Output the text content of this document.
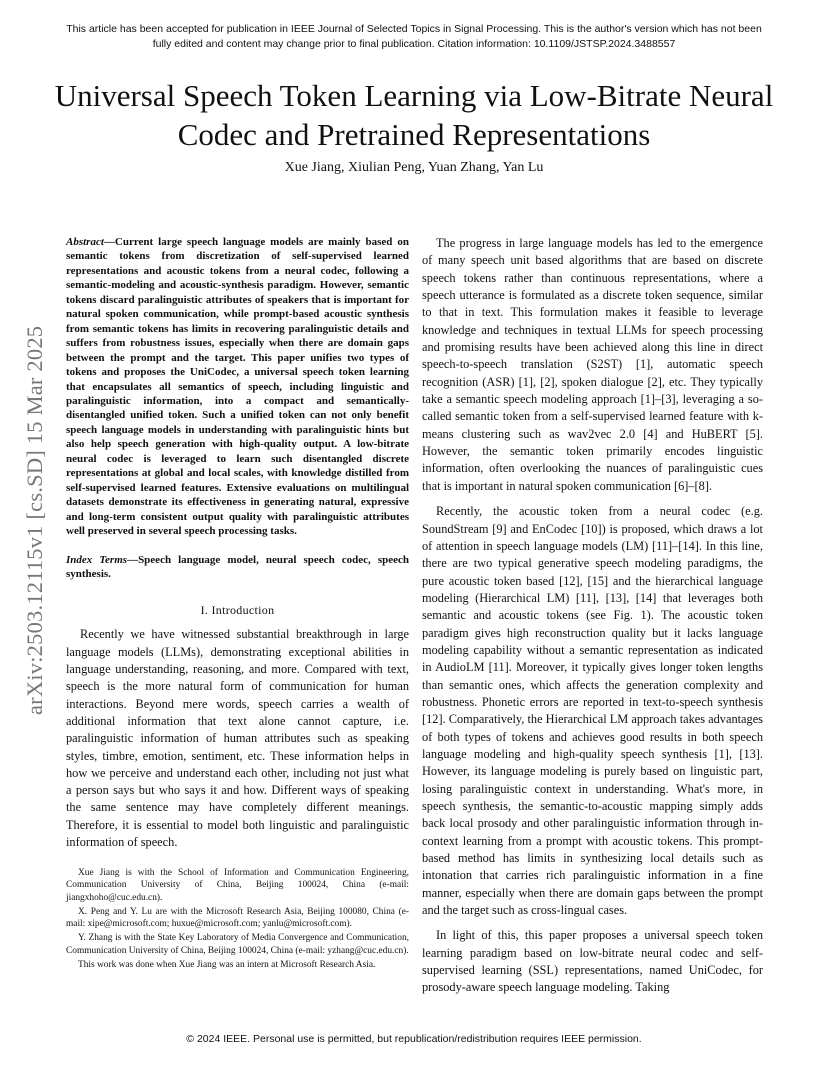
This article has been accepted for publication in IEEE Journal of Selected Topics in Signal Processing. This is the author's version which has not been fully edited and content may change prior to final publication. Citation information: 10.1109/JSTSP.2024.3488557
Universal Speech Token Learning via Low-Bitrate Neural Codec and Pretrained Representations
Xue Jiang, Xiulian Peng, Yuan Zhang, Yan Lu
arXiv:2503.12115v1 [cs.SD] 15 Mar 2025

Abstract—Current large speech language models are mainly based on semantic tokens from discretization of self-supervised learned representations and acoustic tokens from a neural codec, following a semantic-modeling and acoustic-synthesis paradigm. However, semantic tokens discard paralinguistic attributes of speakers that is important for natural spoken communication, while prompt-based acoustic synthesis from semantic tokens has limits in recovering paralinguistic details and suffers from robustness issues, especially when there are domain gaps between the prompt and the target. This paper unifies two types of tokens and proposes the UniCodec, a universal speech token learning that encapsulates all semantics of speech, including linguistic and paralinguistic information, into a compact and semantically-disentangled unified token. Such a unified token can not only benefit speech language models in understanding with paralinguistic hints but also help speech generation with high-quality output. A low-bitrate neural codec is leveraged to learn such disentangled discrete representations at global and local scales, with knowledge distilled from self-supervised learned features. Extensive evaluations on multilingual datasets demonstrate its effectiveness in generating natural, expressive and long-term consistent output quality with paralinguistic attributes well preserved in several speech processing tasks.

Index Terms—Speech language model, neural speech codec, speech synthesis.

I. Introduction

Recently we have witnessed substantial breakthrough in large language models (LLMs), demonstrating exceptional abilities in language understanding, reasoning, and more. Compared with text, speech is the more natural form of communication for human interactions. Beyond mere words, speech carries a wealth of additional information that text alone cannot capture, i.e. paralinguistic information of human attributes such as speaking styles, timbre, emotion, sentiment, etc. These information helps in how we perceive and understand each other, including not just what a person says but who says it and how. Different ways of speaking the same sentence may have completely different meanings. Therefore, it is essential to model both linguistic and paralinguistic information of speech.

Xue Jiang is with the School of Information and Communication Engineering, Communication University of China, Beijing 100024, China (e-mail: jiangxhoho@cuc.edu.cn).

X. Peng and Y. Lu are with the Microsoft Research Asia, Beijing 100080, China (e-mail: xipe@microsoft.com; huxue@microsoft.com; yanlu@microsoft.com).

Y. Zhang is with the State Key Laboratory of Media Convergence and Communication, Communication University of China, Beijing 100024, China (e-mail: yzhang@cuc.edu.cn).

This work was done when Xue Jiang was an intern at Microsoft Research Asia.

The progress in large language models has led to the emergence of many speech unit based algorithms that are based on discrete speech tokens rather than continuous representations, where a speech utterance is formulated as a discrete token sequence, similar to that in text. This formulation makes it feasible to leverage knowledge and techniques in textual LLMs for speech processing and promising results have been achieved along this line in direct speech-to-speech translation (S2ST) [1], automatic speech recognition (ASR) [1], [2], spoken dialogue [2], etc. They typically take a semantic speech modeling approach [1]–[3], leveraging a so-called semantic token from a self-supervised learned feature with k-means clustering such as wav2vec 2.0 [4] and HuBERT [5]. However, the semantic token primarily encodes linguistic information, often overlooking the nuances of paralinguistic cues that is important in natural spoken communication [6]–[8].

Recently, the acoustic token from a neural codec (e.g. SoundStream [9] and EnCodec [10]) is proposed, which draws a lot of attention in speech language models (LM) [11]–[14]. In this line, there are two typical generative speech modeling paradigms, the pure acoustic token based [12], [15] and the hierarchical language modeling (Hierarchical LM) [11], [13], [14] that leverages both semantic and acoustic tokens (see Fig. 1). The acoustic token paradigm gives high reconstruction quality but it lacks language modeling capability without a semantic representation as indicated in AudioLM [11]. Moreover, it typically gives longer token lengths than semantic ones, which affects the generation complexity and robustness. Phonetic errors are reported in text-to-speech synthesis [12]. Comparatively, the Hierarchical LM approach takes advantages of both types of tokens and achieves good results in both speech language modeling and high-quality speech synthesis [1], [13]. However, its language modeling is purely based on linguistic part, losing paralinguistic context in understanding. What's more, in speech synthesis, the semantic-to-acoustic mapping simply adds back local prosody and other paralinguistic information through in-context learning from a prompt with acoustic tokens. This prompt-based method has limits in synthesizing local details such as intonation that carries rich paralinguistic information in a fine manner, especially when there are domain gaps between the prompt and the target such as cross-lingual cases.

In light of this, this paper proposes a universal speech token learning paradigm based on low-bitrate neural codec and self-supervised learning (SSL) representations, named UniCodec, for prosody-aware speech language modeling. Taking

© 2024 IEEE. Personal use is permitted, but republication/redistribution requires IEEE permission.
